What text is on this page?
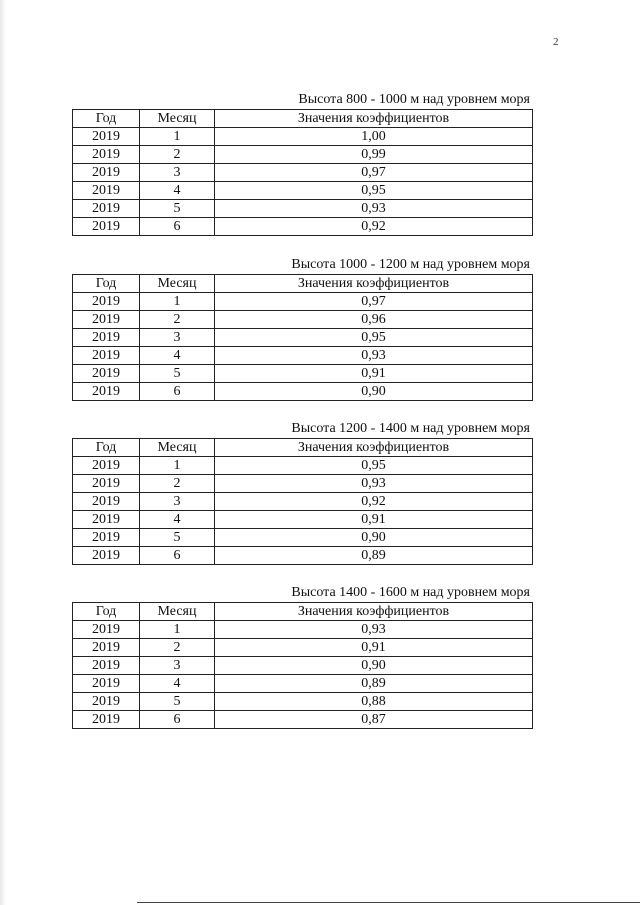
2
Высота 800 - 1000 м над уровнем моря
Год	Месяц	Значения коэффициентов
2019	1	1,00
2019	2	0,99
2019	3	0,97
2019	4	0,95
2019	5	0,93
2019	6	0,92
Высота 1000 - 1200 м над уровнем моря
Год	Месяц	Значения коэффициентов
2019	1	0,97
2019	2	0,96
2019	3	0,95
2019	4	0,93
2019	5	0,91
2019	6	0,90
Высота 1200 - 1400 м над уровнем моря
Год	Месяц	Значения коэффициентов
2019	1	0,95
2019	2	0,93
2019	3	0,92
2019	4	0,91
2019	5	0,90
2019	6	0,89
Высота 1400 - 1600 м над уровнем моря
Год	Месяц	Значения коэффициентов
2019	1	0,93
2019	2	0,91
2019	3	0,90
2019	4	0,89
2019	5	0,88
2019	6	0,87
